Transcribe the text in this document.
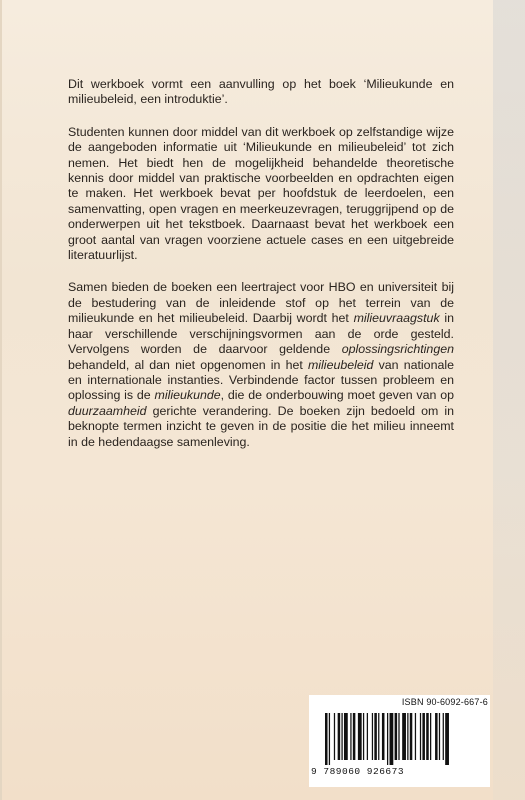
Dit werkboek vormt een aanvulling op het boek ‘Milieukunde en milieubeleid, een introduktie’.

Studenten kunnen door middel van dit werkboek op zelfstandige wijze de aangeboden informatie uit ‘Milieukunde en milieubeleid’ tot zich nemen. Het biedt hen de mogelijkheid behandelde theoretische kennis door middel van praktische voorbeelden en opdrachten eigen te maken. Het werkboek bevat per hoofdstuk de leerdoelen, een samenvatting, open vragen en meerkeuzevragen, teruggrijpend op de onderwerpen uit het tekstboek. Daarnaast bevat het werkboek een groot aantal van vragen voorziene actuele cases en een uitgebreide literatuurlijst.

Samen bieden de boeken een leertraject voor HBO en universiteit bij de bestudering van de inleidende stof op het terrein van de milieukunde en het milieubeleid. Daarbij wordt het milieuvraagstuk in haar verschillende verschijningsvormen aan de orde gesteld. Vervolgens worden de daarvoor geldende oplossingsrichtingen behandeld, al dan niet opgenomen in het milieubeleid van nationale en internationale instanties. Verbindende factor tussen probleem en oplossing is de milieukunde, die de onderbouwing moet geven van op duurzaamheid gerichte verandering. De boeken zijn bedoeld om in beknopte termen inzicht te geven in de positie die het milieu inneemt in de hedendaagse samenleving.

ISBN 90-6092-667-6
9 789060 926673
